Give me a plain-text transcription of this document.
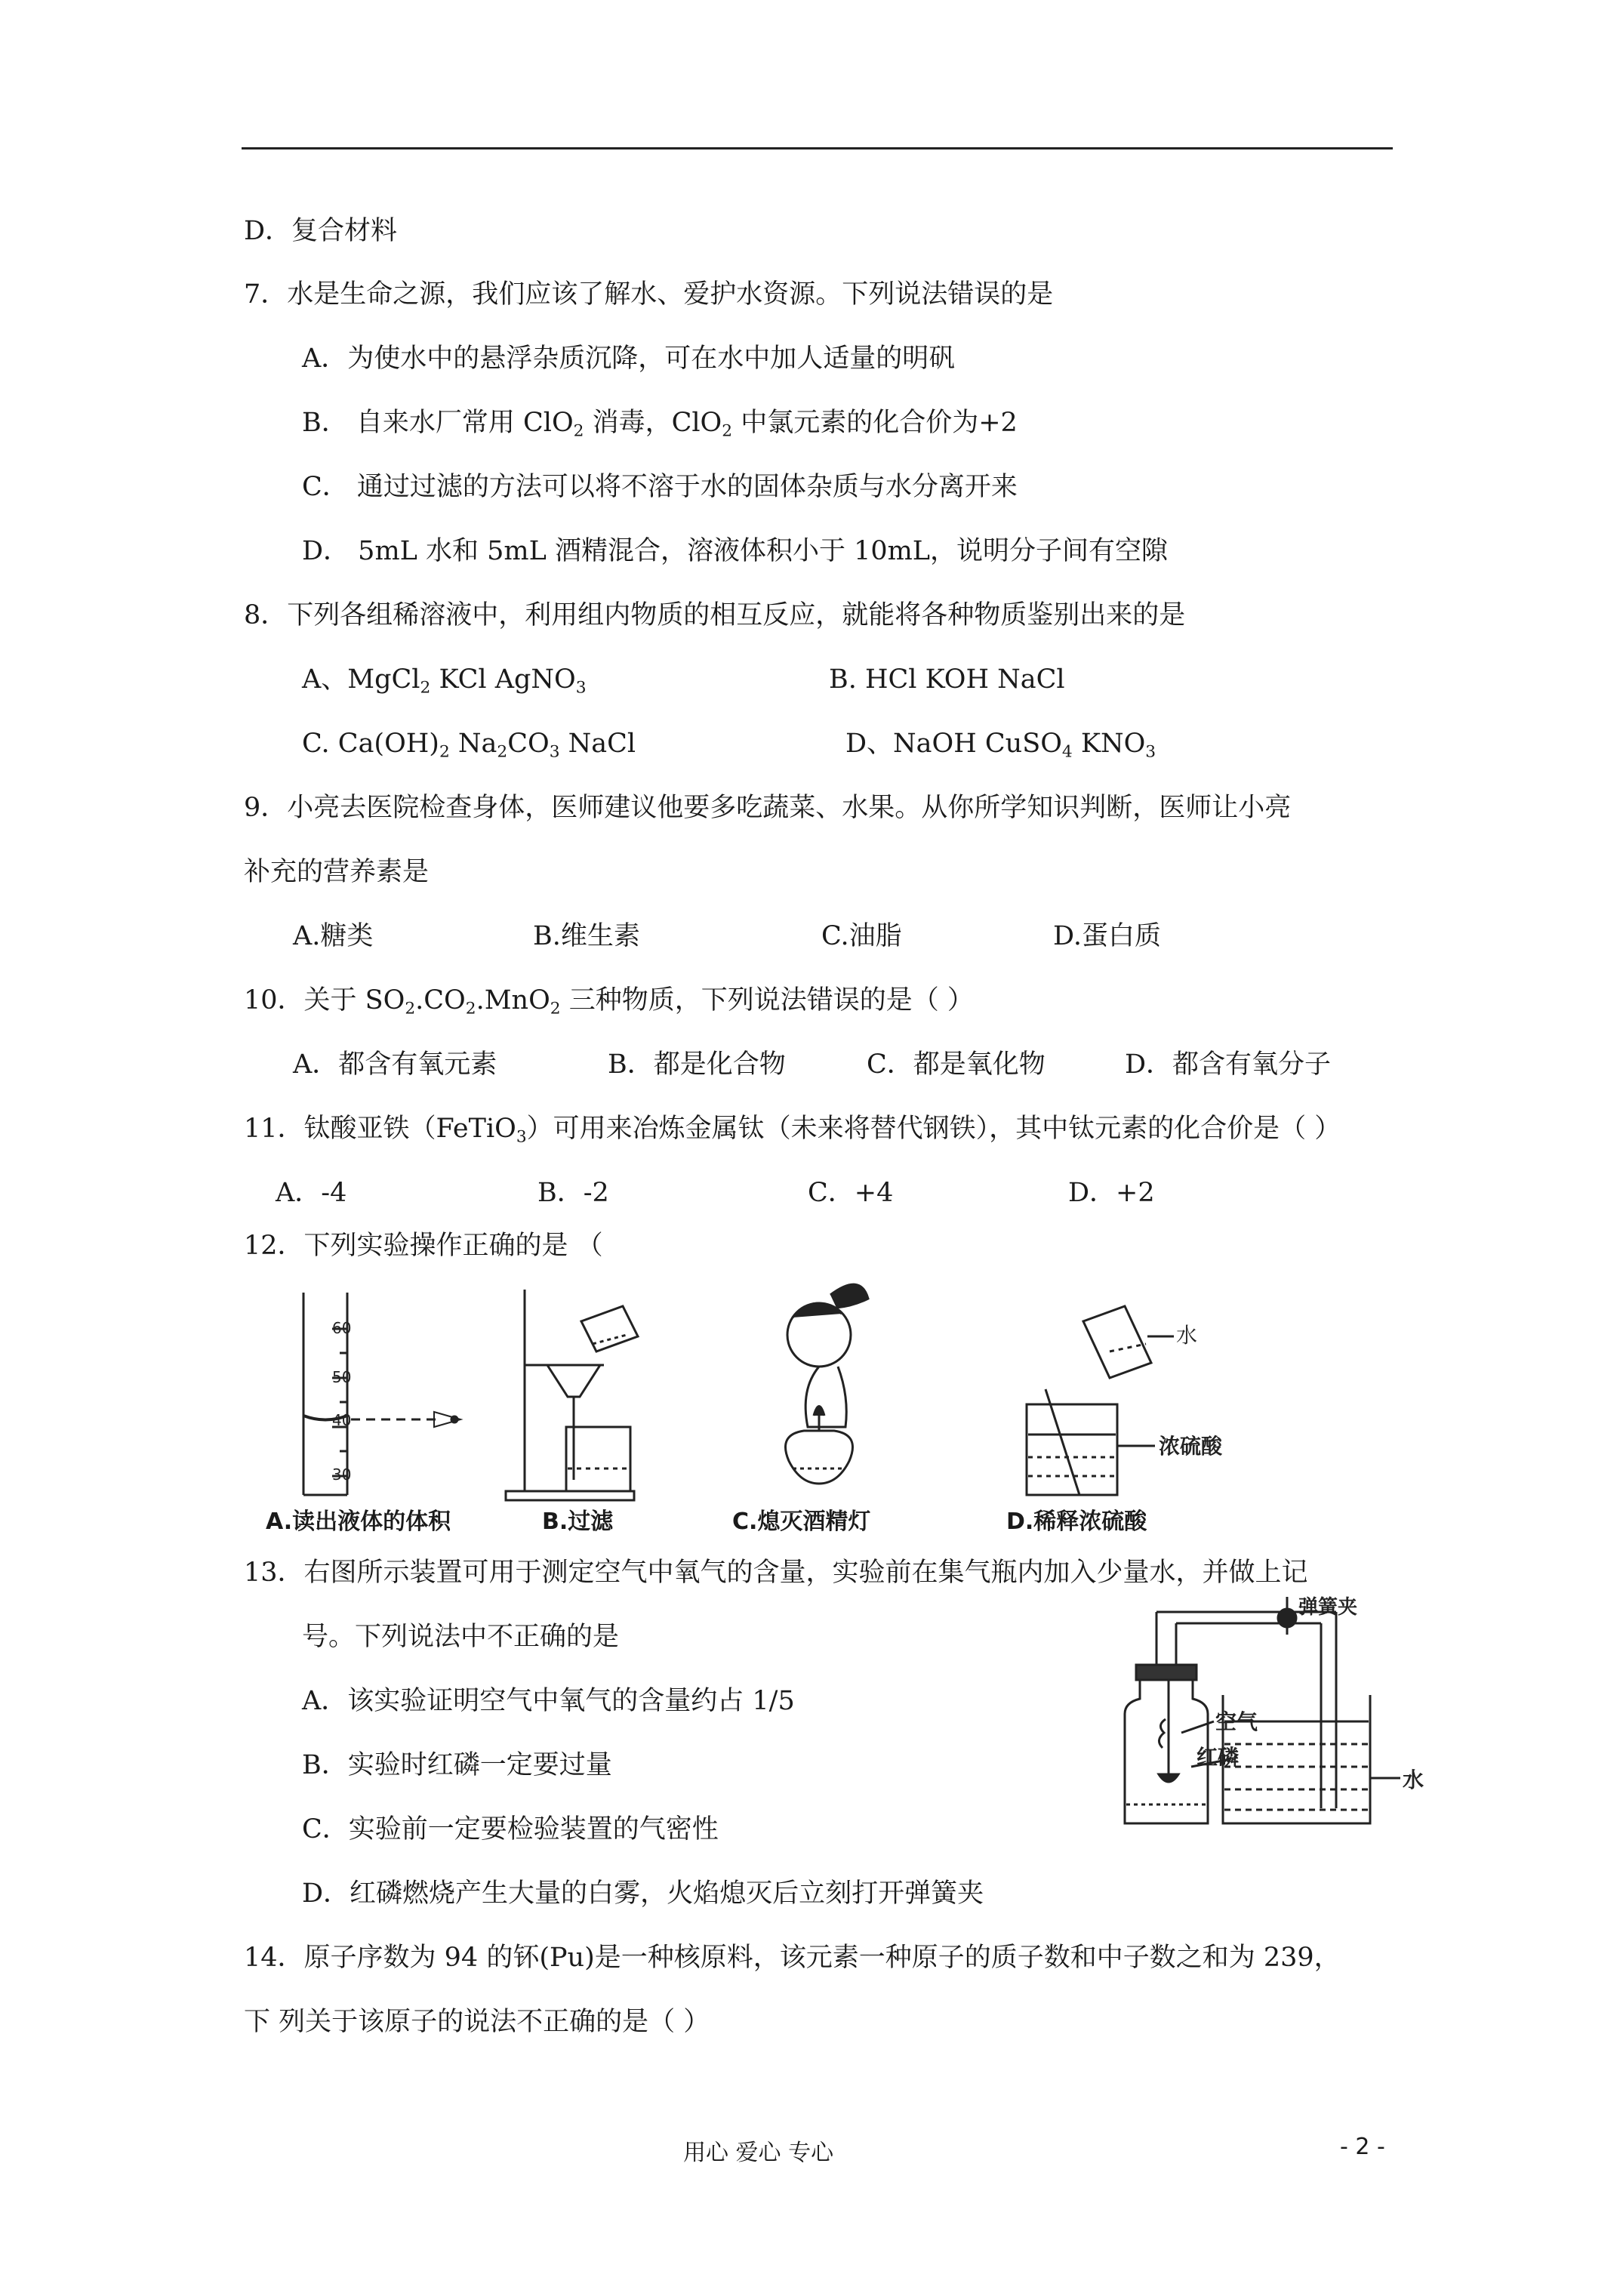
D．复合材料
7．水是生命之源，我们应该了解水、爱护水资源。下列说法错误的是
A．为使水中的悬浮杂质沉降，可在水中加人适量的明矾
B． 自来水厂常用 ClO$_2$ 消毒，ClO$_2$ 中氯元素的化合价为+2
C． 通过过滤的方法可以将不溶于水的固体杂质与水分离开来
D． 5mL 水和 5mL 酒精混合，溶液体积小于 10mL，说明分子间有空隙
8．下列各组稀溶液中，利用组内物质的相互反应，就能将各种物质鉴别出来的是
A、MgCl$_2$ KCl AgNO$_3$	B. HCl KOH NaCl
C. $Ca(OH)_2$ $Na_2CO_3$ NaCl	D、NaOH CuSO$_4$ $KNO_3$
9．小亮去医院检查身体，医师建议他要多吃蔬菜、水果。从你所学知识判断，医师让小亮
补充的营养素是
A.糖类	B.维生素	C.油脂	D.蛋白质
10．关于 $SO_2.CO_2.MnO_2$ 三种物质，下列说法错误的是（ ）
A．都含有氧元素	B．都是化合物	C．都是氧化物	D．都含有氧分子
11．钛酸亚铁（FeTiO$_3$）可用来冶炼金属钛（未来将替代钢铁），其中钛元素的化合价是（ ）
A．-4	B．-2	C．+4	D．+2
12．下列实验操作正确的是 （
60
50
40
30
水
浓硫酸
A.读出液体的体积	B.过滤	C.熄灭酒精灯	D.稀释浓硫酸
13．右图所示装置可用于测定空气中氧气的含量，实验前在集气瓶内加入少量水，并做上记
号。下列说法中不正确的是
A．该实验证明空气中氧气的含量约占 1/5
B．实验时红磷一定要过量
C．实验前一定要检验装置的气密性
D．红磷燃烧产生大量的白雾，火焰熄灭后立刻打开弹簧夹
弹簧夹
空气
红磷
水
14．原子序数为 94 的钚(Pu)是一种核原料，该元素一种原子的质子数和中子数之和为 239，
下 列关于该原子的说法不正确的是（ ）
用心 爱心 专心	- 2 -
